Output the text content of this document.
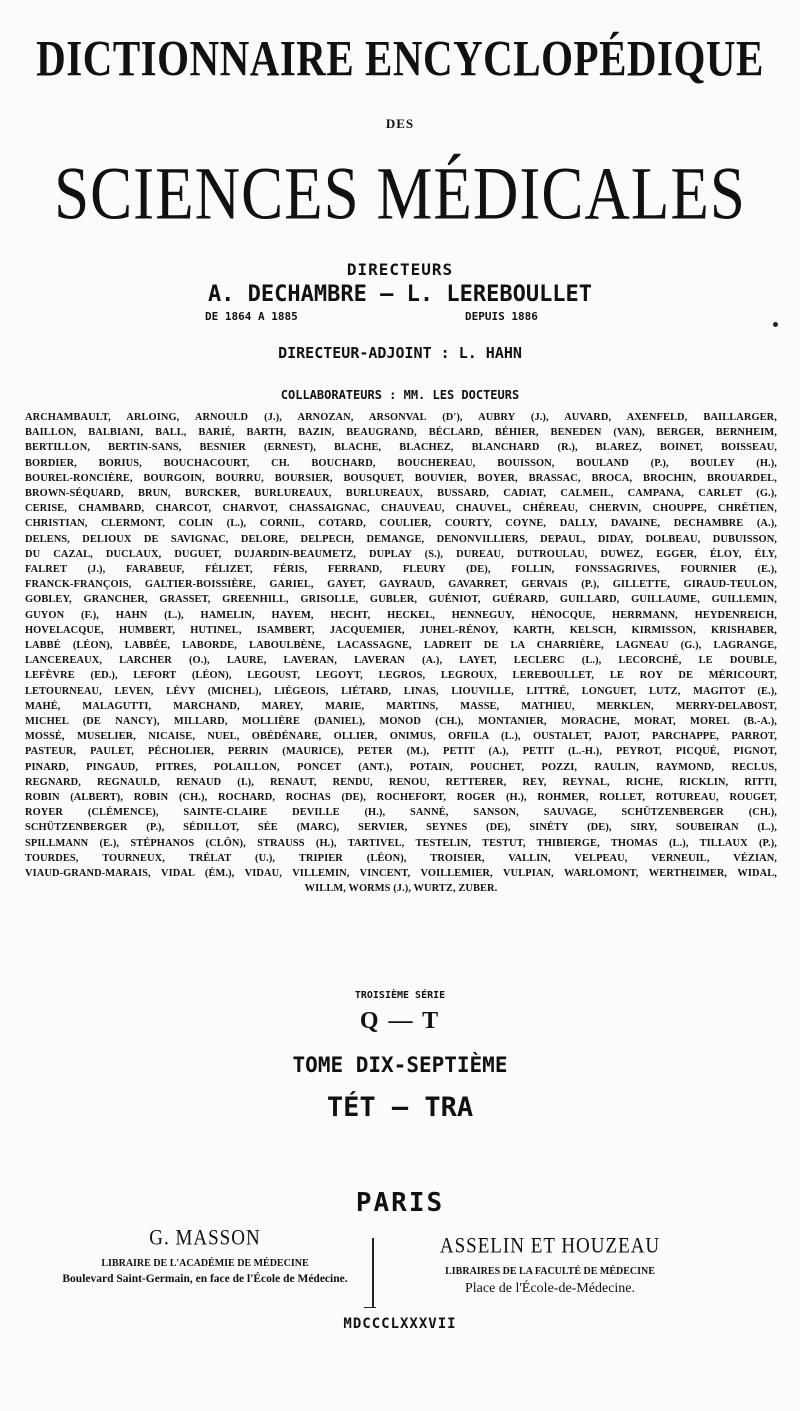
DICTIONNAIRE ENCYCLOPÉDIQUE
DES
SCIENCES MÉDICALES
DIRECTEURS
A. DECHAMBRE — L. LEREBOULLET
DE 1864 A 1885	DEPUIS 1886
DIRECTEUR-ADJOINT : L. HAHN
COLLABORATEURS : MM. LES DOCTEURS
ARCHAMBAULT, ARLOING, ARNOULD (J.), ARNOZAN, ARSONVAL (D'), AUBRY (J.), AUVARD, AXENFELD, BAILLARGER,
BAILLON, BALBIANI, BALL, BARIÉ, BARTH, BAZIN, BEAUGRAND, BÉCLARD, BÉHIER, BENEDEN (VAN), BERGER, BERNHEIM,
BERTILLON, BERTIN-SANS, BESNIER (ERNEST), BLACHE, BLACHEZ, BLANCHARD (R.), BLAREZ, BOINET, BOISSEAU,
BORDIER, BORIUS, BOUCHACOURT, CH. BOUCHARD, BOUCHEREAU, BOUISSON, BOULAND (P.), BOULEY (H.),
BOUREL-RONCIÈRE, BOURGOIN, BOURRU, BOURSIER, BOUSQUET, BOUVIER, BOYER, BRASSAC, BROCA, BROCHIN, BROUARDEL,
BROWN-SÉQUARD, BRUN, BURCKER, BURLUREAUX, BURLUREAUX, BUSSARD, CADIAT, CALMEIL, CAMPANA, CARLET (G.),
CERISE, CHAMBARD, CHARCOT, CHARVOT, CHASSAIGNAC, CHAUVEAU, CHAUVEL, CHÉREAU, CHERVIN, CHOUPPE, CHRÉTIEN,
CHRISTIAN, CLERMONT, COLIN (L.), CORNIL, COTARD, COULIER, COURTY, COYNE, DALLY, DAVAINE, DECHAMBRE (A.),
DELENS, DELIOUX DE SAVIGNAC, DELORE, DELPECH, DEMANGE, DENONVILLIERS, DEPAUL, DIDAY, DOLBEAU, DUBUISSON,
DU CAZAL, DUCLAUX, DUGUET, DUJARDIN-BEAUMETZ, DUPLAY (S.), DUREAU, DUTROULAU, DUWEZ, EGGER, ÉLOY, ÉLY,
FALRET (J.), FARABEUF, FÉLIZET, FÉRIS, FERRAND, FLEURY (DE), FOLLIN, FONSSAGRIVES, FOURNIER (E.),
FRANCK-FRANÇOIS, GALTIER-BOISSIÈRE, GARIEL, GAYET, GAYRAUD, GAVARRET, GERVAIS (P.), GILLETTE, GIRAUD-TEULON,
GOBLEY, GRANCHER, GRASSET, GREENHILL, GRISOLLE, GUBLER, GUÉNIOT, GUÉRARD, GUILLARD, GUILLAUME, GUILLEMIN,
GUYON (F.), HAHN (L.), HAMELIN, HAYEM, HECHT, HECKEL, HENNEGUY, HÉNOCQUE, HERRMANN, HEYDENREICH,
HOVELACQUE, HUMBERT, HUTINEL, ISAMBERT, JACQUEMIER, JUHEL-RÉNOY, KARTH, KELSCH, KIRMISSON, KRISHABER,
LABBÉ (LÉON), LABBÉE, LABORDE, LABOULBÈNE, LACASSAGNE, LADREIT DE LA CHARRIÈRE, LAGNEAU (G.), LAGRANGE,
LANCEREAUX, LARCHER (O.), LAURE, LAVERAN, LAVERAN (A.), LAYET, LECLERC (L.), LECORCHÉ, LE DOUBLE,
LEFÈVRE (ED.), LEFORT (LÉON), LEGOUST, LEGOYT, LEGROS, LEGROUX, LEREBOULLET, LE ROY DE MÉRICOURT,
LETOURNEAU, LEVEN, LÉVY (MICHEL), LIÉGEOIS, LIÉTARD, LINAS, LIOUVILLE, LITTRÉ, LONGUET, LUTZ, MAGITOT (E.),
MAHÉ, MALAGUTTI, MARCHAND, MAREY, MARIE, MARTINS, MASSE, MATHIEU, MERKLEN, MERRY-DELABOST,
MICHEL (DE NANCY), MILLARD, MOLLIÈRE (DANIEL), MONOD (CH.), MONTANIER, MORACHE, MORAT, MOREL (B.-A.),
MOSSÉ, MUSELIER, NICAISE, NUEL, OBÉDÉNARE, OLLIER, ONIMUS, ORFILA (L.), OUSTALET, PAJOT, PARCHAPPE, PARROT,
PASTEUR, PAULET, PÉCHOLIER, PERRIN (MAURICE), PETER (M.), PETIT (A.), PETIT (L.-H.), PEYROT, PICQUÉ, PIGNOT,
PINARD, PINGAUD, PITRES, POLAILLON, PONCET (ANT.), POTAIN, POUCHET, POZZI, RAULIN, RAYMOND, RECLUS,
REGNARD, REGNAULD, RENAUD (I.), RENAUT, RENDU, RENOU, RETTERER, REY, REYNAL, RICHE, RICKLIN, RITTI,
ROBIN (ALBERT), ROBIN (CH.), ROCHARD, ROCHAS (DE), ROCHEFORT, ROGER (H.), ROHMER, ROLLET, ROTUREAU, ROUGET,
ROYER (CLÉMENCE), SAINTE-CLAIRE DEVILLE (H.), SANNÉ, SANSON, SAUVAGE, SCHÜTZENBERGER (CH.),
SCHÜTZENBERGER (P.), SÉDILLOT, SÉE (MARC), SERVIER, SEYNES (DE), SINÉTY (DE), SIRY, SOUBEIRAN (L.),
SPILLMANN (E.), STÉPHANOS (CLÔN), STRAUSS (H.), TARTIVEL, TESTELIN, TESTUT, THIBIERGE, THOMAS (L.), TILLAUX (P.),
TOURDES, TOURNEUX, TRÉLAT (U.), TRIPIER (LÉON), TROISIER, VALLIN, VELPEAU, VERNEUIL, VÉZIAN,
VIAUD-GRAND-MARAIS, VIDAL (ÉM.), VIDAU, VILLEMIN, VINCENT, VOILLEMIER, VULPIAN, WARLOMONT, WERTHEIMER, WIDAL,
WILLM, WORMS (J.), WURTZ, ZUBER.
TROISIÈME SÉRIE
Q — T
TOME DIX-SEPTIÈME
TÉT — TRA
PARIS
G. MASSON
LIBRAIRE DE L'ACADÉMIE DE MÉDECINE
Boulevard Saint-Germain, en face de l'École de Médecine.
ASSELIN ET HOUZEAU
LIBRAIRES DE LA FACULTÉ DE MÉDECINE
Place de l'École-de-Médecine.
MDCCCLXXXVII
